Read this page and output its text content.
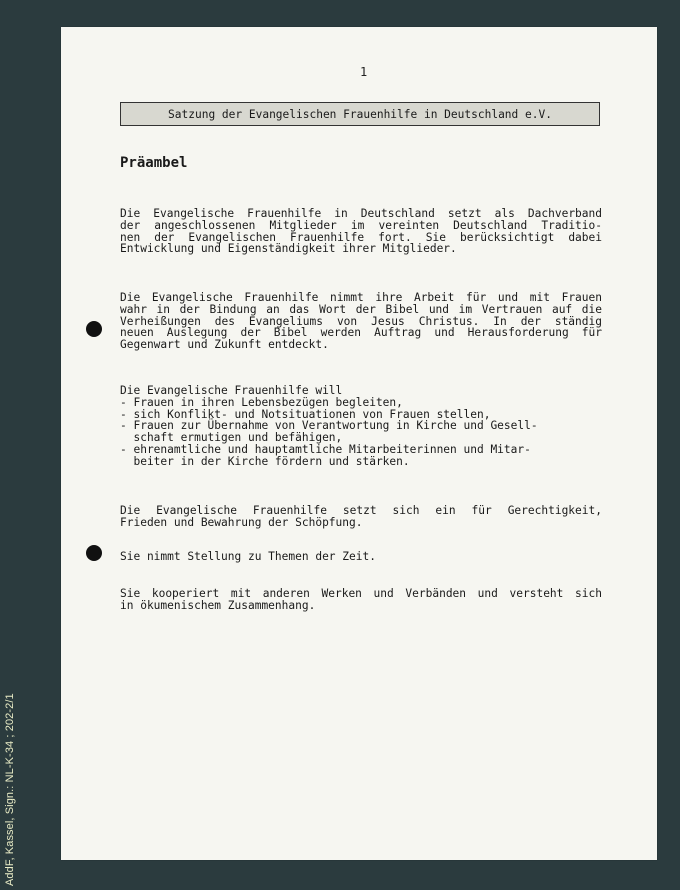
AddF, Kassel, Sign.: NL-K-34 ; 202-2/1
1
Satzung der Evangelischen Frauenhilfe in Deutschland e.V.
Präambel
Die Evangelische Frauenhilfe in Deutschland setzt als Dachverband
der angeschlossenen Mitglieder im vereinten Deutschland Traditio-
nen der Evangelischen Frauenhilfe fort. Sie berücksichtigt dabei
Entwicklung und Eigenständigkeit ihrer Mitglieder.
Die Evangelische Frauenhilfe nimmt ihre Arbeit für und mit Frauen
wahr in der Bindung an das Wort der Bibel und im Vertrauen auf die
Verheißungen des Evangeliums von Jesus Christus. In der ständig
neuen Auslegung der Bibel werden Auftrag und Herausforderung für
Gegenwart und Zukunft entdeckt.
Die Evangelische Frauenhilfe will
- Frauen in ihren Lebensbezügen begleiten,
- sich Konflikt- und Notsituationen von Frauen stellen,
- Frauen zur Übernahme von Verantwortung in Kirche und Gesell-
schaft ermutigen und befähigen,
- ehrenamtliche und hauptamtliche Mitarbeiterinnen und Mitar-
beiter in der Kirche fördern und stärken.
Die Evangelische Frauenhilfe setzt sich ein für Gerechtigkeit,
Frieden und Bewahrung der Schöpfung.
Sie nimmt Stellung zu Themen der Zeit.
Sie kooperiert mit anderen Werken und Verbänden und versteht sich
in ökumenischem Zusammenhang.
